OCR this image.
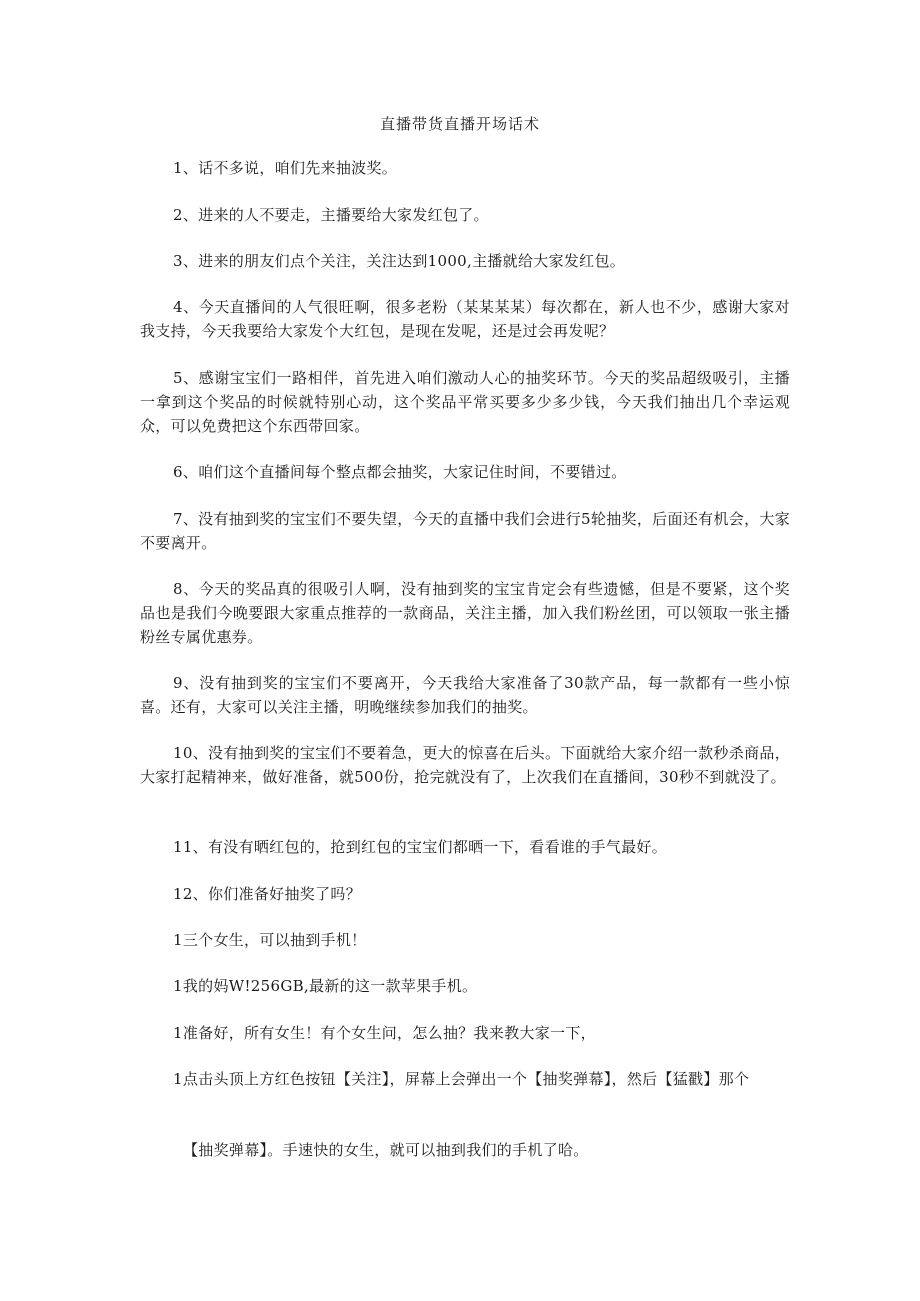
直播带货直播开场话术

1、话不多说，咱们先来抽波奖。

2、进来的人不要走，主播要给大家发红包了。

3、进来的朋友们点个关注，关注达到1000,主播就给大家发红包。

4、今天直播间的人气很旺啊，很多老粉（某某某某）每次都在，新人也不少，感谢大家对我支持，今天我要给大家发个大红包，是现在发呢，还是过会再发呢？

5、感谢宝宝们一路相伴，首先进入咱们激动人心的抽奖环节。今天的奖品超级吸引，主播一拿到这个奖品的时候就特别心动，这个奖品平常买要多少多少钱，今天我们抽出几个幸运观众，可以免费把这个东西带回家。

6、咱们这个直播间每个整点都会抽奖，大家记住时间，不要错过。

7、没有抽到奖的宝宝们不要失望，今天的直播中我们会进行5轮抽奖，后面还有机会，大家不要离开。

8、今天的奖品真的很吸引人啊，没有抽到奖的宝宝肯定会有些遗憾，但是不要紧，这个奖品也是我们今晚要跟大家重点推荐的一款商品，关注主播，加入我们粉丝团，可以领取一张主播粉丝专属优惠券。

9、没有抽到奖的宝宝们不要离开，今天我给大家准备了30款产品，每一款都有一些小惊喜。还有，大家可以关注主播，明晚继续参加我们的抽奖。

10、没有抽到奖的宝宝们不要着急，更大的惊喜在后头。下面就给大家介绍一款秒杀商品，大家打起精神来，做好准备，就500份，抢完就没有了，上次我们在直播间，30秒不到就没了。

11、有没有晒红包的，抢到红包的宝宝们都晒一下，看看谁的手气最好。

12、你们准备好抽奖了吗？

1三个女生，可以抽到手机！

1我的妈W!256GB,最新的这一款苹果手机。

1准备好，所有女生！有个女生问，怎么抽？我来教大家一下，

1点击头顶上方红色按钮【关注】，屏幕上会弹出一个【抽奖弹幕】，然后【猛戳】那个

【抽奖弹幕】。手速快的女生，就可以抽到我们的手机了哈。
